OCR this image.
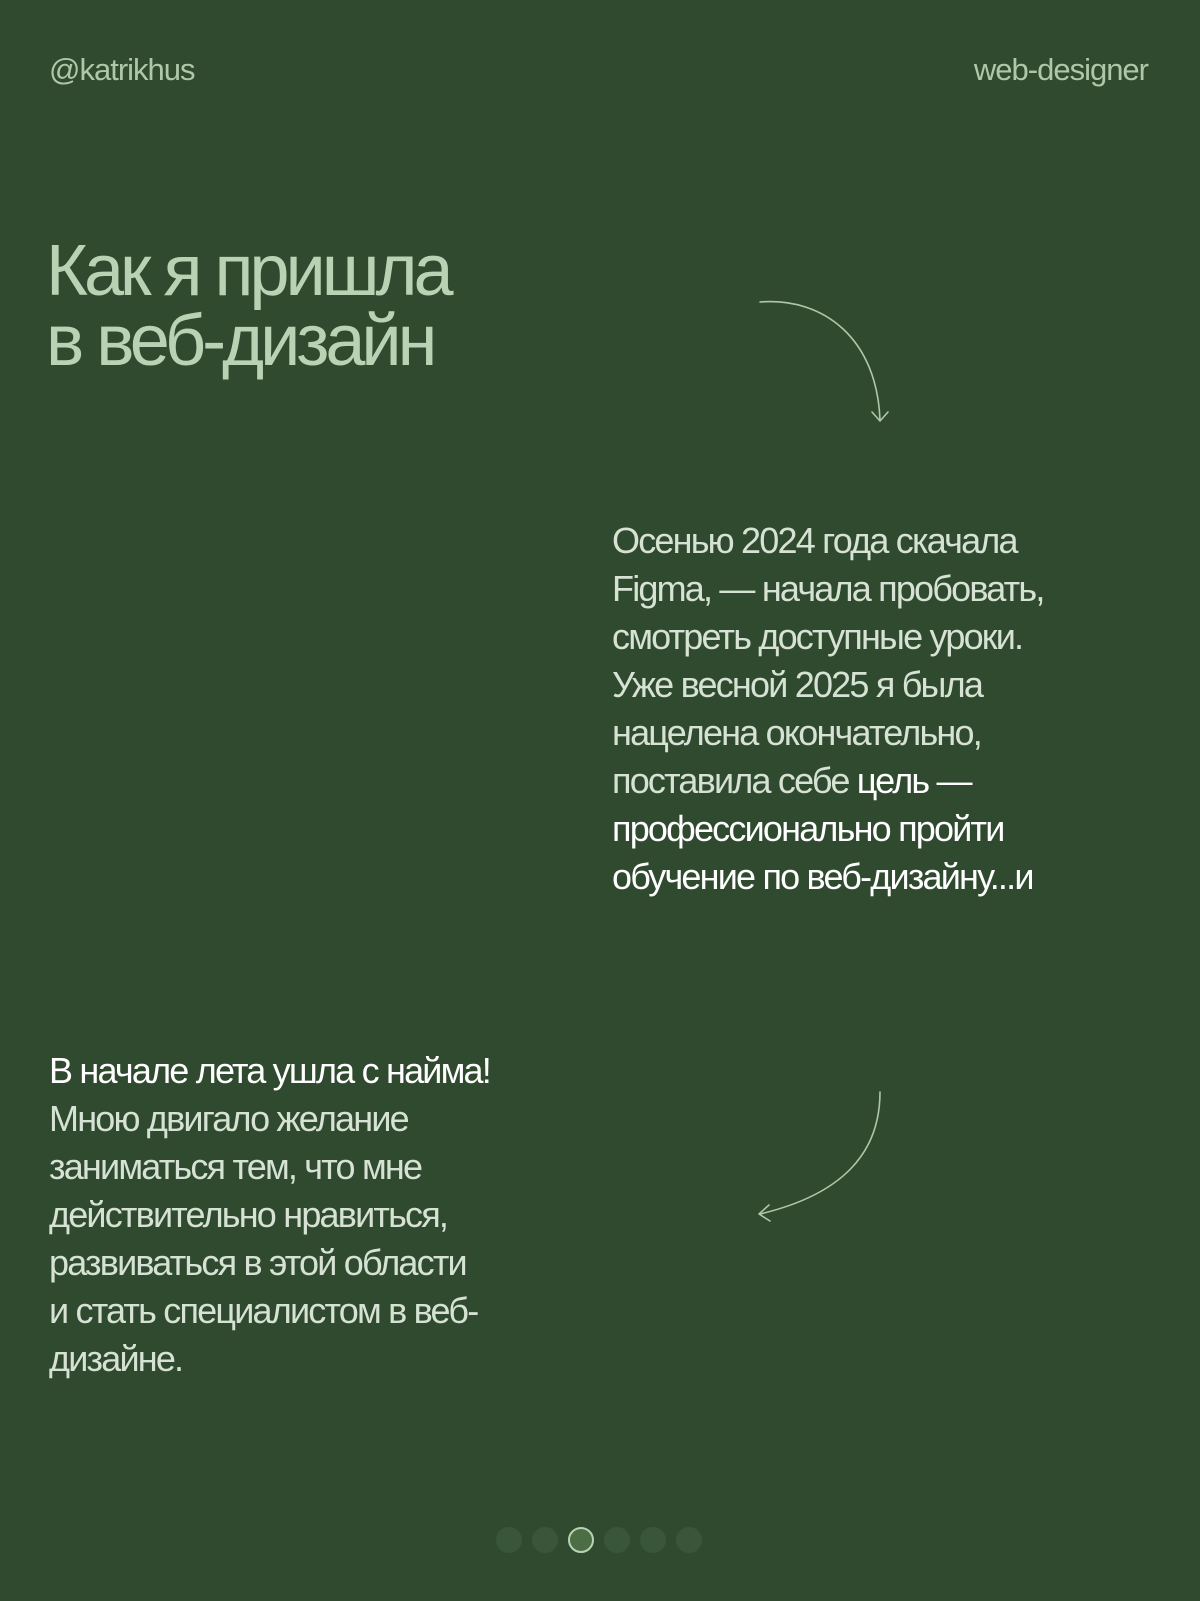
@katrikhus	web-designer
Как я пришла
в веб-дизайн

Осенью 2024 года скачала
Figma, — начала пробовать,
смотреть доступные уроки.
Уже весной 2025 я была
нацелена окончательно,
поставила себе цель —
профессионально пройти
обучение по веб-дизайну...и

В начале лета ушла с найма!
Мною двигало желание
заниматься тем, что мне
действительно нравиться,
развиваться в этой области
и стать специалистом в веб-
дизайне.
